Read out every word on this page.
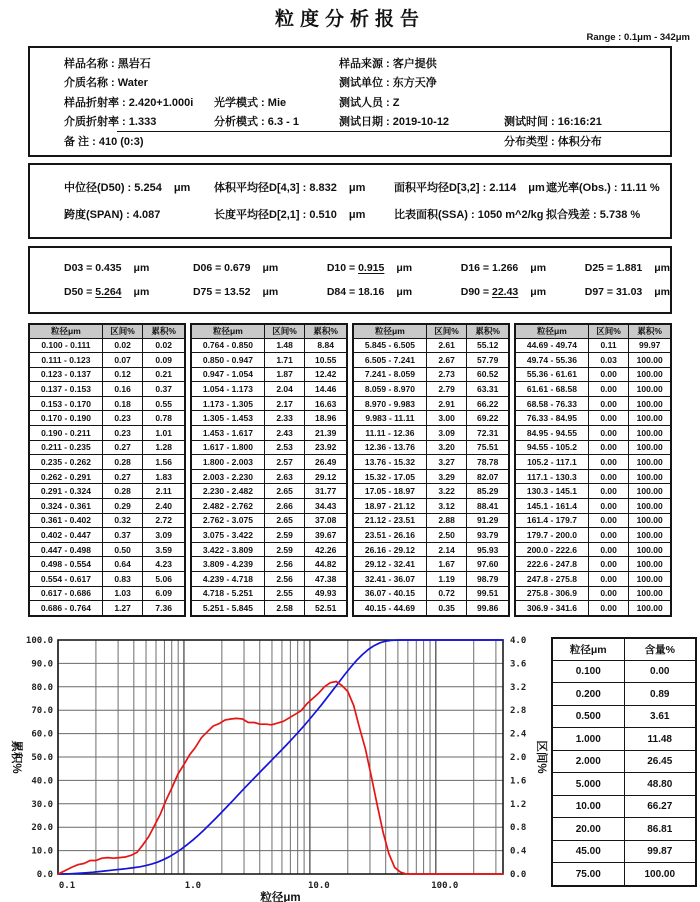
粒度分析报告
Range : 0.1μm - 342μm
样品名称 : 黑岩石	样品来源 : 客户提供
介质名称 : Water	测试单位 : 东方天净
样品折射率 : 2.420+1.000i	光学模式 : Mie	测试人员 : Z
介质折射率 : 1.333	分析模式 : 6.3 - 1	测试日期 : 2019-10-12	测试时间 : 16:16:21
备 注 : 410 (0:3)	分布类型 : 体积分布
中位径(D50) : 5.254 μm	体积平均径D[4,3] : 8.832 μm	面积平均径D[3,2] : 2.114 μm 遮光率(Obs.) : 11.11 %
跨度(SPAN) : 4.087	长度平均径D[2,1] : 0.510 μm	比表面积(SSA) : 1050 m^2/kg 拟合残差 : 5.738 %
D03 = 0.435 μm	D06 = 0.679 μm	D10 = 0.915 μm	D16 = 1.266 μm	D25 = 1.881 μm
D50 = 5.264 μm	D75 = 13.52 μm	D84 = 18.16 μm	D90 = 22.43 μm	D97 = 31.03 μm
粒径μm	区间%	累积%
0.100 - 0.111	0.02	0.02
0.111 - 0.123	0.07	0.09
0.123 - 0.137	0.12	0.21
0.137 - 0.153	0.16	0.37
0.153 - 0.170	0.18	0.55
0.170 - 0.190	0.23	0.78
0.190 - 0.211	0.23	1.01
0.211 - 0.235	0.27	1.28
0.235 - 0.262	0.28	1.56
0.262 - 0.291	0.27	1.83
0.291 - 0.324	0.28	2.11
0.324 - 0.361	0.29	2.40
0.361 - 0.402	0.32	2.72
0.402 - 0.447	0.37	3.09
0.447 - 0.498	0.50	3.59
0.498 - 0.554	0.64	4.23
0.554 - 0.617	0.83	5.06
0.617 - 0.686	1.03	6.09
0.686 - 0.764	1.27	7.36
粒径μm	区间%	累积%
0.764 - 0.850	1.48	8.84
0.850 - 0.947	1.71	10.55
0.947 - 1.054	1.87	12.42
1.054 - 1.173	2.04	14.46
1.173 - 1.305	2.17	16.63
1.305 - 1.453	2.33	18.96
1.453 - 1.617	2.43	21.39
1.617 - 1.800	2.53	23.92
1.800 - 2.003	2.57	26.49
2.003 - 2.230	2.63	29.12
2.230 - 2.482	2.65	31.77
2.482 - 2.762	2.66	34.43
2.762 - 3.075	2.65	37.08
3.075 - 3.422	2.59	39.67
3.422 - 3.809	2.59	42.26
3.809 - 4.239	2.56	44.82
4.239 - 4.718	2.56	47.38
4.718 - 5.251	2.55	49.93
5.251 - 5.845	2.58	52.51
粒径μm	区间%	累积%
5.845 - 6.505	2.61	55.12
6.505 - 7.241	2.67	57.79
7.241 - 8.059	2.73	60.52
8.059 - 8.970	2.79	63.31
8.970 - 9.983	2.91	66.22
9.983 - 11.11	3.00	69.22
11.11 - 12.36	3.09	72.31
12.36 - 13.76	3.20	75.51
13.76 - 15.32	3.27	78.78
15.32 - 17.05	3.29	82.07
17.05 - 18.97	3.22	85.29
18.97 - 21.12	3.12	88.41
21.12 - 23.51	2.88	91.29
23.51 - 26.16	2.50	93.79
26.16 - 29.12	2.14	95.93
29.12 - 32.41	1.67	97.60
32.41 - 36.07	1.19	98.79
36.07 - 40.15	0.72	99.51
40.15 - 44.69	0.35	99.86
粒径μm	区间%	累积%
44.69 - 49.74	0.11	99.97
49.74 - 55.36	0.03	100.00
55.36 - 61.61	0.00	100.00
61.61 - 68.58	0.00	100.00
68.58 - 76.33	0.00	100.00
76.33 - 84.95	0.00	100.00
84.95 - 94.55	0.00	100.00
94.55 - 105.2	0.00	100.00
105.2 - 117.1	0.00	100.00
117.1 - 130.3	0.00	100.00
130.3 - 145.1	0.00	100.00
145.1 - 161.4	0.00	100.00
161.4 - 179.7	0.00	100.00
179.7 - 200.0	0.00	100.00
200.0 - 222.6	0.00	100.00
222.6 - 247.8	0.00	100.00
247.8 - 275.8	0.00	100.00
275.8 - 306.9	0.00	100.00
306.9 - 341.6	0.00	100.00
0.0
10.0
20.0
30.0
40.0
50.0
60.0
70.0
80.0
90.0
100.0
0.0
0.4
0.8
1.2
1.6
2.0
2.4
2.8
3.2
3.6
4.0
0.1	1.0	10.0	100.0
粒径μm
累积%	区间%
粒径μm	含量%
0.100	0.00
0.200	0.89
0.500	3.61
1.000	11.48
2.000	26.45
5.000	48.80
10.00	66.27
20.00	86.81
45.00	99.87
75.00	100.00
